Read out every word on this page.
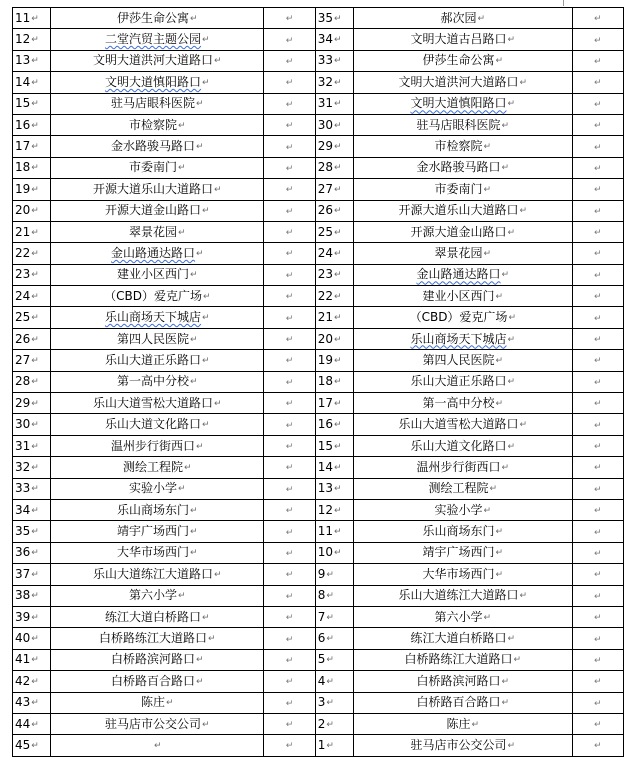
11↵	伊莎生命公寓↵	↵	35↵	郝次园↵	↵
12↵	二堂汽贸主题公园↵	↵	34↵	文明大道古吕路口↵	↵
13↵	文明大道洪河大道路口↵	↵	33↵	伊莎生命公寓↵	↵
14↵	文明大道慎阳路口↵	↵	32↵	文明大道洪河大道路口↵	↵
15↵	驻马店眼科医院↵	↵	31↵	文明大道慎阳路口↵	↵
16↵	市检察院↵	↵	30↵	驻马店眼科医院↵	↵
17↵	金水路骏马路口↵	↵	29↵	市检察院↵	↵
18↵	市委南门↵	↵	28↵	金水路骏马路口↵	↵
19↵	开源大道乐山大道路口↵	↵	27↵	市委南门↵	↵
20↵	开源大道金山路口↵	↵	26↵	开源大道乐山大道路口↵	↵
21↵	翠景花园↵	↵	25↵	开源大道金山路口↵	↵
22↵	金山路通达路口↵	↵	24↵	翠景花园↵	↵
23↵	建业小区西门↵	↵	23↵	金山路通达路口↵	↵
24↵	（CBD）爱克广场↵	↵	22↵	建业小区西门↵	↵
25↵	乐山商场天下城店↵	↵	21↵	（CBD）爱克广场↵	↵
26↵	第四人民医院↵	↵	20↵	乐山商场天下城店↵	↵
27↵	乐山大道正乐路口↵	↵	19↵	第四人民医院↵	↵
28↵	第一高中分校↵	↵	18↵	乐山大道正乐路口↵	↵
29↵	乐山大道雪松大道路口↵	↵	17↵	第一高中分校↵	↵
30↵	乐山大道文化路口↵	↵	16↵	乐山大道雪松大道路口↵	↵
31↵	温州步行街西口↵	↵	15↵	乐山大道文化路口↵	↵
32↵	测绘工程院↵	↵	14↵	温州步行街西口↵	↵
33↵	实验小学↵	↵	13↵	测绘工程院↵	↵
34↵	乐山商场东门↵	↵	12↵	实验小学↵	↵
35↵	靖宇广场西门↵	↵	11↵	乐山商场东门↵	↵
36↵	大华市场西门↵	↵	10↵	靖宇广场西门↵	↵
37↵	乐山大道练江大道路口↵	↵	9↵	大华市场西门↵	↵
38↵	第六小学↵	↵	8↵	乐山大道练江大道路口↵	↵
39↵	练江大道白桥路口↵	↵	7↵	第六小学↵	↵
40↵	白桥路练江大道路口↵	↵	6↵	练江大道白桥路口↵	↵
41↵	白桥路滨河路口↵	↵	5↵	白桥路练江大道路口↵	↵
42↵	白桥路百合路口↵	↵	4↵	白桥路滨河路口↵	↵
43↵	陈庄↵	↵	3↵	白桥路百合路口↵	↵
44↵	驻马店市公交公司↵	↵	2↵	陈庄↵	↵
45↵	↵	↵	1↵	驻马店市公交公司↵	↵
